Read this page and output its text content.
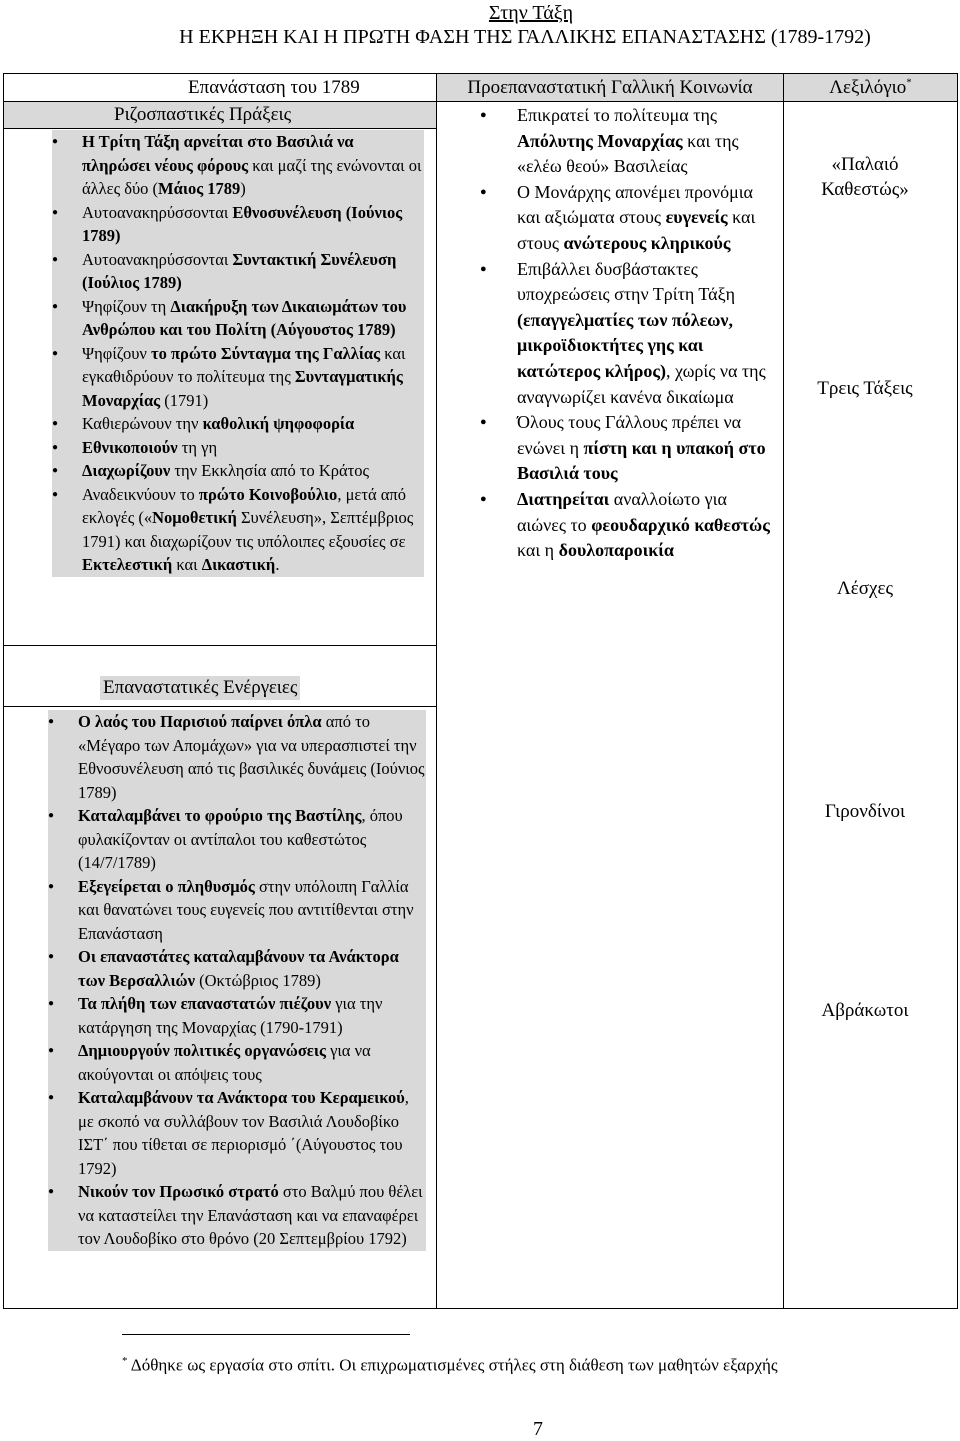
Στην Τάξη
Η ΕΚΡΗΞΗ ΚΑΙ Η ΠΡΩΤΗ ΦΑΣΗ ΤΗΣ ΓΑΛΛΙΚΗΣ ΕΠΑΝΑΣΤΑΣΗΣ (1789-1792)
Επανάσταση του 1789	Προεπαναστατική Γαλλική Κοινωνία	Λεξιλόγιο*
Ριζοσπαστικές Πράξεις
● Η Τρίτη Τάξη αρνείται στο Βασιλιά να πληρώσει νέους φόρους και μαζί της ενώνονται οι άλλες δύο (Μάιος 1789)
● Αυτοανακηρύσσονται Εθνοσυνέλευση (Ιούνιος 1789)
● Αυτοανακηρύσσονται Συντακτική Συνέλευση (Ιούλιος 1789)
● Ψηφίζουν τη Διακήρυξη των Δικαιωμάτων του Ανθρώπου και του Πολίτη (Αύγουστος 1789)
● Ψηφίζουν το πρώτο Σύνταγμα της Γαλλίας και εγκαθιδρύουν το πολίτευμα της Συνταγματικής Μοναρχίας (1791)
● Καθιερώνουν την καθολική ψηφοφορία
● Εθνικοποιούν τη γη
● Διαχωρίζουν την Εκκλησία από το Κράτος
● Αναδεικνύουν το πρώτο Κοινοβούλιο, μετά από εκλογές («Νομοθετική Συνέλευση», Σεπτέμβριος 1791) και διαχωρίζουν τις υπόλοιπες εξουσίες σε Εκτελεστική και Δικαστική.
● Επικρατεί το πολίτευμα της Απόλυτης Μοναρχίας και της «ελέω θεού» Βασιλείας
● Ο Μονάρχης απονέμει προνόμια και αξιώματα στους ευγενείς και στους ανώτερους κληρικούς
● Επιβάλλει δυσβάστακτες υποχρεώσεις στην Τρίτη Τάξη (επαγγελματίες των πόλεων, μικροϊδιοκτήτες γης και κατώτερος κλήρος), χωρίς να της αναγνωρίζει κανένα δικαίωμα
● Όλους τους Γάλλους πρέπει να ενώνει η πίστη και η υπακοή στο Βασιλιά τους
● Διατηρείται αναλλοίωτο για αιώνες το φεουδαρχικό καθεστώς και η δουλοπαροικία
Επαναστατικές Ενέργειες
● Ο λαός του Παρισιού παίρνει όπλα από το «Μέγαρο των Απομάχων» για να υπερασπιστεί την Εθνοσυνέλευση από τις βασιλικές δυνάμεις (Ιούνιος 1789)
● Καταλαμβάνει το φρούριο της Βαστίλης, όπου φυλακίζονταν οι αντίπαλοι του καθεστώτος (14/7/1789)
● Εξεγείρεται ο πληθυσμός στην υπόλοιπη Γαλλία και θανατώνει τους ευγενείς που αντιτίθενται στην Επανάσταση
● Οι επαναστάτες καταλαμβάνουν τα Ανάκτορα των Βερσαλλιών (Οκτώβριος 1789)
● Τα πλήθη των επαναστατών πιέζουν για την κατάργηση της Μοναρχίας (1790-1791)
● Δημιουργούν πολιτικές οργανώσεις για να ακούγονται οι απόψεις τους
● Καταλαμβάνουν τα Ανάκτορα του Κεραμεικού, με σκοπό να συλλάβουν τον Βασιλιά Λουδοβίκο ΙΣΤ΄ που τίθεται σε περιορισμό ΄(Αύγουστος του 1792)
● Νικούν τον Πρωσικό στρατό στο Βαλμύ που θέλει να καταστείλει την Επανάσταση και να επαναφέρει τον Λουδοβίκο στο θρόνο (20 Σεπτεμβρίου 1792)
«Παλαιό Καθεστώς»
Τρεις Τάξεις
Λέσχες
Γιρονδίνοι
Αβράκωτοι
* Δόθηκε ως εργασία στο σπίτι. Οι επιχρωματισμένες στήλες στη διάθεση των μαθητών εξαρχής
7
